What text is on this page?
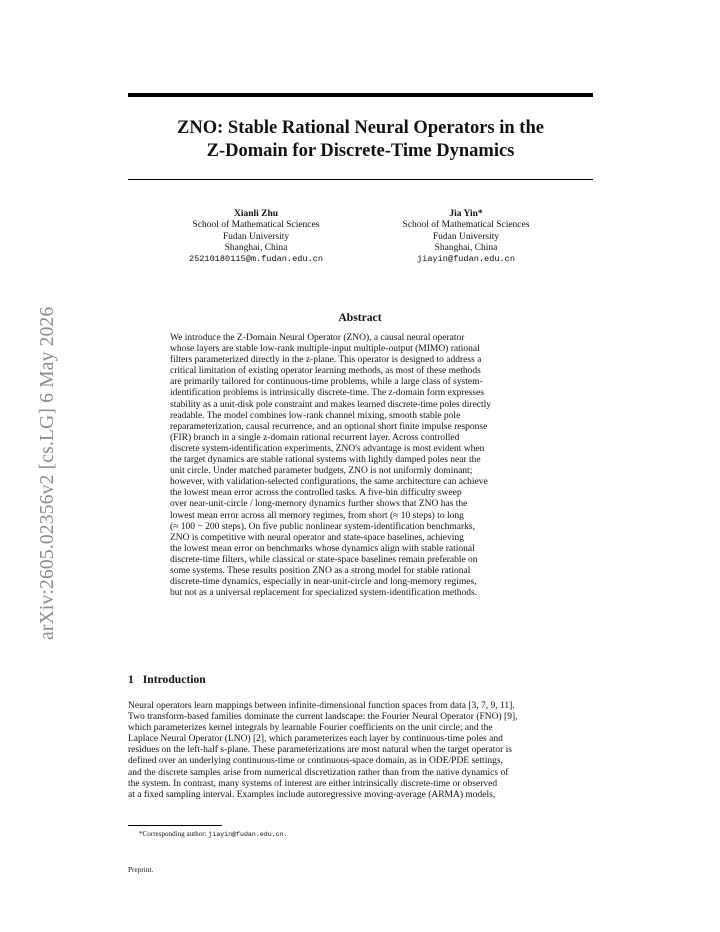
arXiv:2605.02356v2 [cs.LG] 6 May 2026
ZNO: Stable Rational Neural Operators in the
Z-Domain for Discrete-Time Dynamics
Xianli Zhu
School of Mathematical Sciences
Fudan University
Shanghai, China
25210180115@m.fudan.edu.cn
Jia Yin*
School of Mathematical Sciences
Fudan University
Shanghai, China
jiayin@fudan.edu.cn
Abstract
We introduce the Z-Domain Neural Operator (ZNO), a causal neural operator
whose layers are stable low-rank multiple-input multiple-output (MIMO) rational
filters parameterized directly in the z-plane. This operator is designed to address a
critical limitation of existing operator learning methods, as most of these methods
are primarily tailored for continuous-time problems, while a large class of system-
identification problems is intrinsically discrete-time. The z-domain form expresses
stability as a unit-disk pole constraint and makes learned discrete-time poles directly
readable. The model combines low-rank channel mixing, smooth stable pole
reparameterization, causal recurrence, and an optional short finite impulse response
(FIR) branch in a single z-domain rational recurrent layer. Across controlled
discrete system-identification experiments, ZNO's advantage is most evident when
the target dynamics are stable rational systems with lightly damped poles near the
unit circle. Under matched parameter budgets, ZNO is not uniformly dominant;
however, with validation-selected configurations, the same architecture can achieve
the lowest mean error across the controlled tasks. A five-bin difficulty sweep
over near-unit-circle / long-memory dynamics further shows that ZNO has the
lowest mean error across all memory regimes, from short (≈ 10 steps) to long
(≈ 100 − 200 steps). On five public nonlinear system-identification benchmarks,
ZNO is competitive with neural operator and state-space baselines, achieving
the lowest mean error on benchmarks whose dynamics align with stable rational
discrete-time filters, while classical or state-space baselines remain preferable on
some systems. These results position ZNO as a strong model for stable rational
discrete-time dynamics, especially in near-unit-circle and long-memory regimes,
but not as a universal replacement for specialized system-identification methods.
1 Introduction
Neural operators learn mappings between infinite-dimensional function spaces from data [3, 7, 9, 11].
Two transform-based families dominate the current landscape: the Fourier Neural Operator (FNO) [9],
which parameterizes kernel integrals by learnable Fourier coefficients on the unit circle; and the
Laplace Neural Operator (LNO) [2], which parameterizes each layer by continuous-time poles and
residues on the left-half s-plane. These parameterizations are most natural when the target operator is
defined over an underlying continuous-time or continuous-space domain, as in ODE/PDE settings,
and the discrete samples arise from numerical discretization rather than from the native dynamics of
the system. In contrast, many systems of interest are either intrinsically discrete-time or observed
at a fixed sampling interval. Examples include autoregressive moving-average (ARMA) models,
*Corresponding author: jiayin@fudan.edu.cn.
Preprint.
